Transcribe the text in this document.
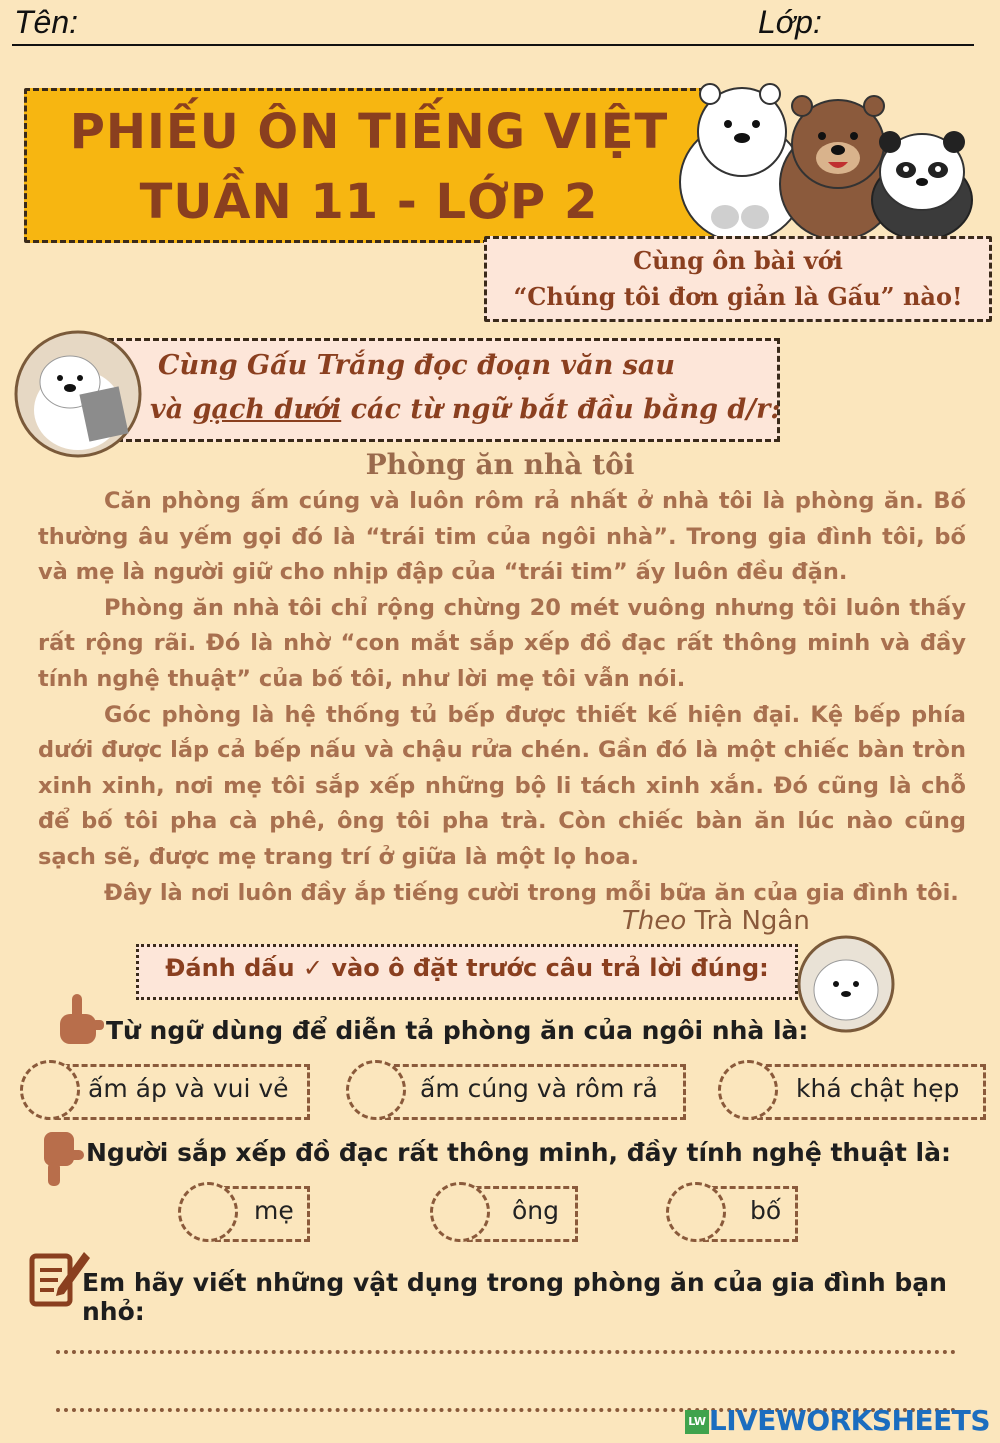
Tên:	Lớp:
PHIẾU ÔN TIẾNG VIỆT
TUẦN 11 - LỚP 2
Cùng ôn bài với
“Chúng tôi đơn giản là Gấu” nào!
Cùng Gấu Trắng đọc đoạn văn sau
và gạch dưới các từ ngữ bắt đầu bằng d/r:
Phòng ăn nhà tôi

Căn phòng ấm cúng và luôn rôm rả nhất ở nhà tôi là phòng ăn. Bố thường âu yếm gọi đó là “trái tim của ngôi nhà”. Trong gia đình tôi, bố và mẹ là người giữ cho nhịp đập của “trái tim” ấy luôn đều đặn.

Phòng ăn nhà tôi chỉ rộng chừng 20 mét vuông nhưng tôi luôn thấy rất rộng rãi. Đó là nhờ “con mắt sắp xếp đồ đạc rất thông minh và đầy tính nghệ thuật” của bố tôi, như lời mẹ tôi vẫn nói.

Góc phòng là hệ thống tủ bếp được thiết kế hiện đại. Kệ bếp phía dưới được lắp cả bếp nấu và chậu rửa chén. Gần đó là một chiếc bàn tròn xinh xinh, nơi mẹ tôi sắp xếp những bộ li tách xinh xắn. Đó cũng là chỗ để bố tôi pha cà phê, ông tôi pha trà. Còn chiếc bàn ăn lúc nào cũng sạch sẽ, được mẹ trang trí ở giữa là một lọ hoa.

Đây là nơi luôn đầy ắp tiếng cười trong mỗi bữa ăn của gia đình tôi.

Theo Trà Ngân
Đánh dấu ✓ vào ô đặt trước câu trả lời đúng:
Từ ngữ dùng để diễn tả phòng ăn của ngôi nhà là:
ấm áp và vui vẻ	ấm cúng và rôm rả	khá chật hẹp
Người sắp xếp đồ đạc rất thông minh, đầy tính nghệ thuật là:
mẹ	ông	bố
Em hãy viết những vật dụng trong phòng ăn của gia đình bạn nhỏ:
LW LIVEWORKSHEETS
